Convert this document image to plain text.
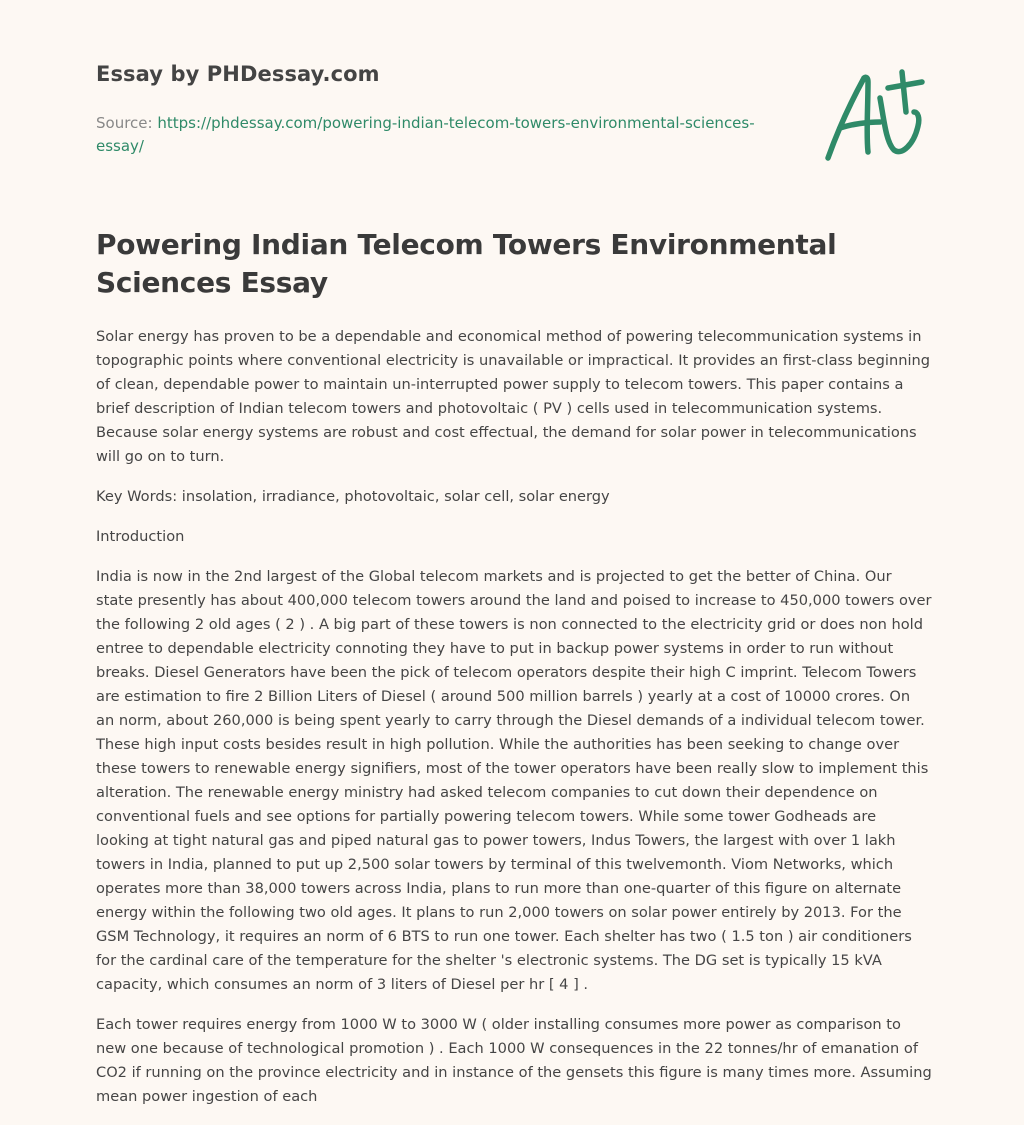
Essay by PHDessay.com
Source: https://phdessay.com/powering-indian-telecom-towers-environmental-sciences-
essay/
Powering Indian Telecom Towers Environmental Sciences Essay

Solar energy has proven to be a dependable and economical method of powering telecommunication systems in topographic points where conventional electricity is unavailable or impractical. It provides an first-class beginning of clean, dependable power to maintain un-interrupted power supply to telecom towers. This paper contains a brief description of Indian telecom towers and photovoltaic ( PV ) cells used in telecommunication systems. Because solar energy systems are robust and cost effectual, the demand for solar power in telecommunications will go on to turn.

Key Words: insolation, irradiance, photovoltaic, solar cell, solar energy

Introduction

India is now in the 2nd largest of the Global telecom markets and is projected to get the better of China. Our state presently has about 400,000 telecom towers around the land and poised to increase to 450,000 towers over the following 2 old ages ( 2 ) . A big part of these towers is non connected to the electricity grid or does non hold entree to dependable electricity connoting they have to put in backup power systems in order to run without breaks. Diesel Generators have been the pick of telecom operators despite their high C imprint. Telecom Towers are estimation to fire 2 Billion Liters of Diesel ( around 500 million barrels ) yearly at a cost of 10000 crores. On an norm, about 260,000 is being spent yearly to carry through the Diesel demands of a individual telecom tower. These high input costs besides result in high pollution. While the authorities has been seeking to change over these towers to renewable energy signifiers, most of the tower operators have been really slow to implement this alteration. The renewable energy ministry had asked telecom companies to cut down their dependence on conventional fuels and see options for partially powering telecom towers. While some tower Godheads are looking at tight natural gas and piped natural gas to power towers, Indus Towers, the largest with over 1 lakh towers in India, planned to put up 2,500 solar towers by terminal of this twelvemonth. Viom Networks, which operates more than 38,000 towers across India, plans to run more than one-quarter of this figure on alternate energy within the following two old ages. It plans to run 2,000 towers on solar power entirely by 2013. For the GSM Technology, it requires an norm of 6 BTS to run one tower. Each shelter has two ( 1.5 ton ) air conditioners for the cardinal care of the temperature for the shelter 's electronic systems. The DG set is typically 15 kVA capacity, which consumes an norm of 3 liters of Diesel per hr [ 4 ] .

Each tower requires energy from 1000 W to 3000 W ( older installing consumes more power as comparison to new one because of technological promotion ) . Each 1000 W consequences in the 22 tonnes/hr of emanation of CO2 if running on the province electricity and in instance of the gensets this figure is many times more. Assuming mean power ingestion of each
